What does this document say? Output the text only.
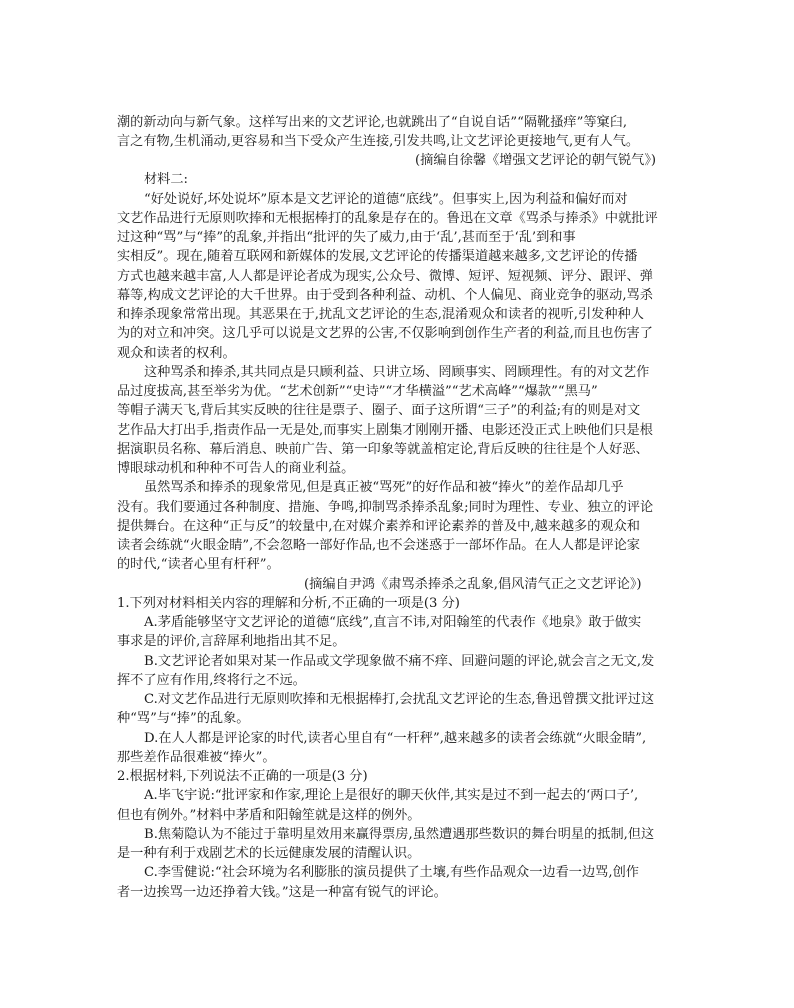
潮的新动向与新气象。这样写出来的文艺评论,也就跳出了“自说自话”“隔靴搔痒”等窠臼,
言之有物,生机涌动,更容易和当下受众产生连接,引发共鸣,让文艺评论更接地气,更有人气。
(摘编自徐馨《增强文艺评论的朝气锐气》)
材料二:
“好处说好,坏处说坏”原本是文艺评论的道德“底线”。但事实上,因为利益和偏好而对
文艺作品进行无原则吹捧和无根据棒打的乱象是存在的。鲁迅在文章《骂杀与捧杀》中就批评
过这种“骂”与“捧”的乱象,并指出“批评的失了威力,由于‘乱’,甚而至于‘乱’到和事
实相反”。现在,随着互联网和新媒体的发展,文艺评论的传播渠道越来越多,文艺评论的传播
方式也越来越丰富,人人都是评论者成为现实,公众号、微博、短评、短视频、评分、跟评、弹
幕等,构成文艺评论的大千世界。由于受到各种利益、动机、个人偏见、商业竞争的驱动,骂杀
和捧杀现象常常出现。其恶果在于,扰乱文艺评论的生态,混淆观众和读者的视听,引发种种人
为的对立和冲突。这几乎可以说是文艺界的公害,不仅影响到创作生产者的利益,而且也伤害了
观众和读者的权利。
这种骂杀和捧杀,其共同点是只顾利益、只讲立场、罔顾事实、罔顾理性。有的对文艺作
品过度拔高,甚至举劣为优。“艺术创新”“史诗”“才华横溢”“艺术高峰”“爆款”“黑马”
等帽子满天飞,背后其实反映的往往是票子、圈子、面子这所谓“三子”的利益;有的则是对文
艺作品大打出手,指责作品一无是处,而事实上剧集才刚刚开播、电影还没正式上映他们只是根
据演职员名称、幕后消息、映前广告、第一印象等就盖棺定论,背后反映的往往是个人好恶、
博眼球动机和种种不可告人的商业利益。
虽然骂杀和捧杀的现象常见,但是真正被“骂死”的好作品和被“捧火”的差作品却几乎
没有。我们要通过各种制度、措施、争鸣,抑制骂杀捧杀乱象;同时为理性、专业、独立的评论
提供舞台。在这种“正与反”的较量中,在对媒介素养和评论素养的普及中,越来越多的观众和
读者会练就“火眼金睛”,不会忽略一部好作品,也不会迷惑于一部坏作品。在人人都是评论家
的时代,“读者心里有杆秤”。
(摘编自尹鸿《肃骂杀捧杀之乱象,倡风清气正之文艺评论》)
1.下列对材料相关内容的理解和分析,不正确的一项是(3 分)
A.茅盾能够坚守文艺评论的道德“底线”,直言不讳,对阳翰笙的代表作《地泉》敢于做实
事求是的评价,言辞犀利地指出其不足。
B.文艺评论者如果对某一作品或文学现象做不痛不痒、回避问题的评论,就会言之无文,发
挥不了应有作用,终将行之不远。
C.对文艺作品进行无原则吹捧和无根据棒打,会扰乱文艺评论的生态,鲁迅曾撰文批评过这
种“骂”与“捧”的乱象。
D.在人人都是评论家的时代,读者心里自有“一杆秤”,越来越多的读者会练就“火眼金睛”,
那些差作品很难被“捧火”。
2.根据材料,下列说法不正确的一项是(3 分)
A.毕飞宇说:“批评家和作家,理论上是很好的聊天伙伴,其实是过不到一起去的‘两口子’,
但也有例外。”材料中茅盾和阳翰笙就是这样的例外。
B.焦菊隐认为不能过于靠明星效用来赢得票房,虽然遭遇那些数识的舞台明星的抵制,但这
是一种有利于戏剧艺术的长远健康发展的清醒认识。
C.李雪健说:“社会环境为名利膨胀的演员提供了土壤,有些作品观众一边看一边骂,创作
者一边挨骂一边还挣着大钱。”这是一种富有锐气的评论。
